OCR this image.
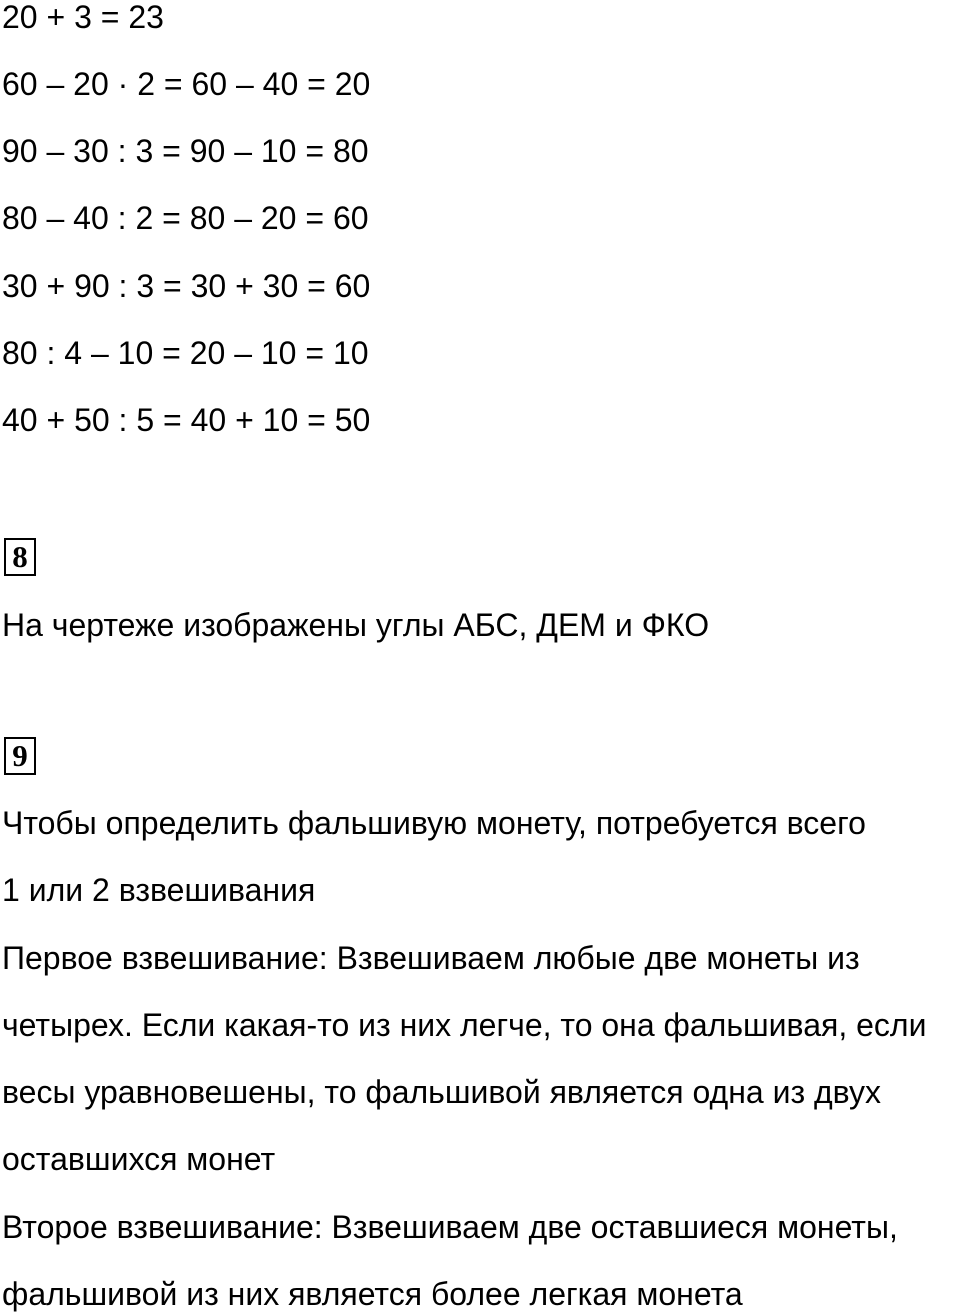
20 + 3 = 23
60 – 20 · 2 = 60 – 40 = 20
90 – 30 : 3 = 90 – 10 = 80
80 – 40 : 2 = 80 – 20 = 60
30 + 90 : 3 = 30 + 30 = 60
80 : 4 – 10 = 20 – 10 = 10
40 + 50 : 5 = 40 + 10 = 50
8
На чертеже изображены углы АБС, ДЕМ и ФКО
9
Чтобы определить фальшивую монету, потребуется всего
1 или 2 взвешивания
Первое взвешивание: Взвешиваем любые две монеты из
четырех. Если какая-то из них легче, то она фальшивая, если
весы уравновешены, то фальшивой является одна из двух
оставшихся монет
Второе взвешивание: Взвешиваем две оставшиеся монеты,
фальшивой из них является более легкая монета
